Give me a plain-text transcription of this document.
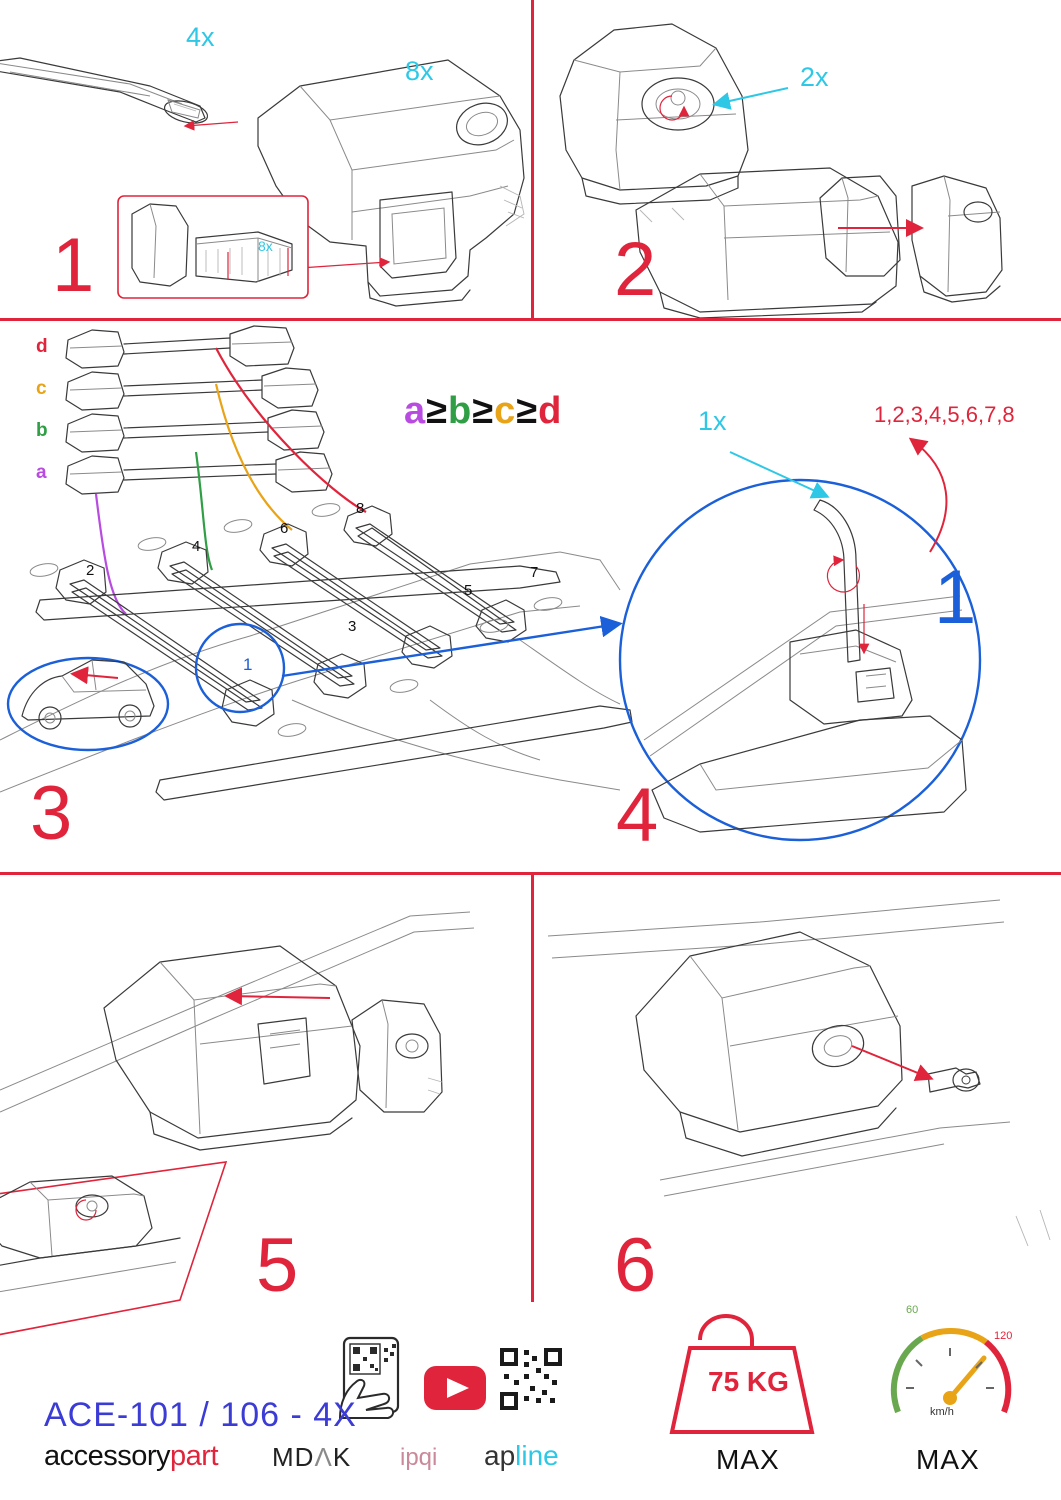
4x
8x
8x
1
2x
2
d
c
b
a
a≥b≥c≥d
2
3
4
5
6
7
8
1
3
1x	1,2,3,4,5,6,7,8
1
4
5	6
ACE-101 / 106 - 4X
accessorypart MDΛK ipqi apline
75 KG
MAX	MAX
km/h
60
120
